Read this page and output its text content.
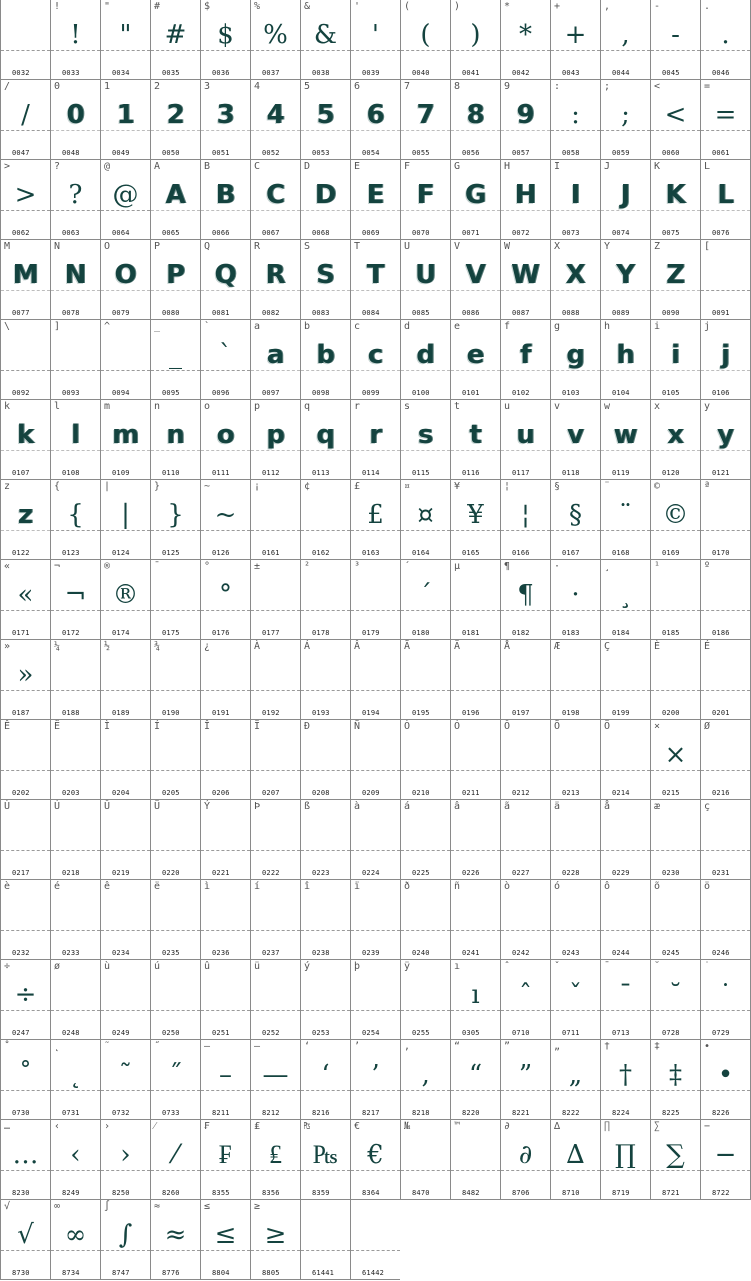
0032
!
!
0033
"
"
0034
#
#
0035
$
$
0036
%
%
0037
&
&
0038
'
'
0039
(
(
0040
)
)
0041
*
*
0042
+
+
0043
,
,
0044
-
-
0045
.
.
0046
/
/
0047
0
0
0048
1
1
0049
2
2
0050
3
3
0051
4
4
0052
5
5
0053
6
6
0054
7
7
0055
8
8
0056
9
9
0057
:
:
0058
;
;
0059
<
<
0060
=
=
0061
>
>
0062
?
?
0063
@
@
0064
A
A
0065
B
B
0066
C
C
0067
D
D
0068
E
E
0069
F
F
0070
G
G
0071
H
H
0072
I
I
0073
J
J
0074
K
K
0075
L
L
0076
M
M
0077
N
N
0078
O
O
0079
P
P
0080
Q
Q
0081
R
R
0082
S
S
0083
T
T
0084
U
U
0085
V
V
0086
W
W
0087
X
X
0088
Y
Y
0089
Z
Z
0090
[
0091
\
0092
]
0093
^
0094
_
_
0095
`
`
0096
a
a
0097
b
b
0098
c
c
0099
d
d
0100
e
e
0101
f
f
0102
g
g
0103
h
h
0104
i
i
0105
j
j
0106
k
k
0107
l
l
0108
m
m
0109
n
n
0110
o
o
0111
p
p
0112
q
q
0113
r
r
0114
s
s
0115
t
t
0116
u
u
0117
v
v
0118
w
w
0119
x
x
0120
y
y
0121
z
z
0122
{
{
0123
|
|
0124
}
}
0125
~
~
0126
¡
0161
¢
0162
£
£
0163
¤
¤
0164
¥
¥
0165
¦
¦
0166
§
§
0167
¨
¨
0168
©
©
0169
ª
0170
«
«
0171
¬
¬
0172
®
®
0174
¯
0175
°
°
0176
±
0177
²
0178
³
0179
´
´
0180
µ
0181
¶
¶
0182
·
·
0183
¸
¸
0184
¹
0185
º
0186
»
»
0187
¼
0188
½
0189
¾
0190
¿
0191
À
0192
Á
0193
Â
0194
Ã
0195
Ä
0196
Å
0197
Æ
0198
Ç
0199
È
0200
É
0201
Ê
0202
Ë
0203
Ì
0204
Í
0205
Î
0206
Ï
0207
Ð
0208
Ñ
0209
Ò
0210
Ó
0211
Ô
0212
Õ
0213
Ö
0214
×
×
0215
Ø
0216
Ù
0217
Ú
0218
Û
0219
Ü
0220
Ý
0221
Þ
0222
ß
0223
à
0224
á
0225
â
0226
ã
0227
ä
0228
å
0229
æ
0230
ç
0231
è
0232
é
0233
ê
0234
ë
0235
ì
0236
í
0237
î
0238
ï
0239
ð
0240
ñ
0241
ò
0242
ó
0243
ô
0244
õ
0245
ö
0246
÷
÷
0247
ø
0248
ù
0249
ú
0250
û
0251
ü
0252
ý
0253
þ
0254
ÿ
0255
ı
ı
0305
ˆ
ˆ
0710
ˇ
ˇ
0711
ˉ
ˉ
0713
˘
˘
0728
˙
˙
0729
˚
˚
0730
˛
˛
0731
˜
˜
0732
˝
˝
0733
–
–
8211
—
—
8212
‘
‘
8216
’
’
8217
‚
‚
8218
“
“
8220
”
”
8221
„
„
8222
†
†
8224
‡
‡
8225
•
•
8226
…
…
8230
‹
‹
8249
›
›
8250
⁄
⁄
8260
₣
₣
8355
₤
₤
8356
₧
₧
8359
€
€
8364
№
8470
™
8482
∂
∂
8706
∆
∆
8710
∏
∏
8719
∑
∑
8721
−
−
8722
√
√
8730
∞
∞
8734
∫
∫
8747
≈
≈
8776
≤
≤
8804
≥
≥
8805	61441	61442
